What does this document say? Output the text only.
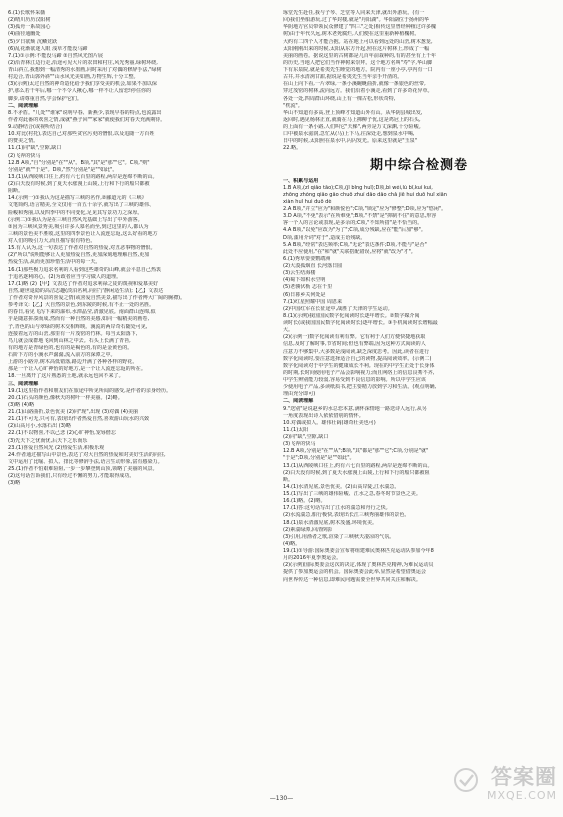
6.(1)长歌怀采薇
(2)晴川历历汉阳树
(3)孤舟一系故园心
(4)曲径通幽处
(5)夕日欲颓 沉鳞竞跃
(6)乱花渐欲迷人眼 浅草才能没马蹄
7.(1)①示例:不能没马蹄 ②自然风光图片展
(2)沿青林江边行走,沿途可见大片的农田和村庄,风光秀丽,绿树环绕,
青山斜立,我想到一幅清秀的水墨画,同时采用了对偶的修辞手法,"绿树
村边合,青山郭外斜""山水风光美如画,万物生辉,十分工整。
(3)(示例)太过自然的神奇造化给予我们享受美的机会,如果不加以保
护,那么若干年后,哪一个不令人揪心,哪一样不让人留恋!停住你的
脚步,请尊重自然,学会保护它们。
二、阅读理解
8.不矛盾。"几处""谁家"说明早春、新燕少,表现早春的特点,也流露出
作者对此番的欢喜之情,成就"燕子回""家家"就使我们对春天充满期待。
9.动静结合(或视听结合)
10.对比(衬托),表达自己对那些贪官污吏的憎恨,以及追随一方百姓
的赞美之情。
11.(1)同"缺",空隙,缺口
(2)飞奔的快马
12.B A项,"自"分别是"在""从"。B项,"其"是"那""它"。C项,"则"
分别是"就""于是"。D项,"然"分别是"是""如此"。
13.(1)从西陵峡口往上,约有六七百里的路程,两岸是连绵不断的山。
(2)白天没有时候,到了夏天水涨漫上山陵,上行和下行的船只都被
阻断。
14.(示例一)①我认为这是描写三峡的名作,②郦道元的《三峡》
文笔简约,语言精美,全文仅用一百五十余字,就写出了三峡的雄伟、
险峻和秀丽,以及四季中的不同变化,足见其写景功力之深厚。
(示例二)①我认为是在三峡自然风光基础上写出了中外游客。
②因为三峡风景秀美,吸引许多人慕名而至,到过这里的人,都认为
三峡的景色美不胜收,这里的四季景色让人流连忘返,这么好看的地方
对人们的吸引力大,而且描写很有特色。
15.有人认为,这一句表达了作者对自然的热爱,对丑恶事物的憎恨。
(2)"所以"说明能够让人更加热爱自然,更加深刻地理解自然,更加
热爱生活,从而更加珍惜生活中的每一天。
16.(1)那些极力追求名利的人看到这些雄奇的山峰,就会平息自己热衷
于追名逐利的心。(2)为政者应当学习做人的道理。
17.(1)略 (2)【甲】文表达了作者对追求利禄之徒的蔑视和爱慕美好
自然,避世退隐的高洁志趣(淡泊名利,向往宁静闲适生活);【乙】文表达
了作者对奇异风景的喜爱之情(或喜爱自然美景,描写出了作者博大广阔的胸襟)。
参考译文:【乙】大自然的景色,到东陵的时候,有不止一处的名胜。
的春日,看见飞泻下来的瀑布,水潭晶莹,清澈见底。南面群山连绵,似
乎是随意拼凑而成,然而有一种自然的美感,如同一幅精美的画卷,
子,青色的山与翠绿的树木交相辉映。溪流的两岸奇石随处可见,
连接着远方的山峦,那里有一片茂密的竹林。每当太阳落下,
鸟儿就会成群地飞回到山林之中去。石头上长满了青苔,
有的地方是青绿色的,也有的是褐色的,有的是金黄色的。
石阶下方的小溪水声潺潺,流入前方的深潭之中。
上游的小路旁,树木高低错落,路边开满了各种各样的野花。
那是一个让人心旷神怡的好地方,是一个让人流连忘返的所在。
18.一旦离开了这片熟悉的土地,就永远也回不来了。
三、阅读理解
19.(1)这里指作者和朋友们在旅途中所见所闻的感受,是作者的亲身经历。
20.(1)石头的颜色,像秋天的树叶一样美丽。(2)略。
(3)略 (4)略
21.(1)山路曲折,景色优美 (2)同"现",出现 (3)对偶 (4)美丽
21.(1)不可无,只可有,表现出作者热爱自然,喜欢游山玩水的兴致
(2)山高月小,水落石出 (3)略
22.(1)不以物喜,不以己悲 (2)心旷神怡,宠辱偕忘
(3)先天下之忧而忧,后天下之乐而乐
23.(1)喜爱自然风光 (2)热爱生活,积极乐观
24.作者通过描写山中景色,表达了对大自然的热爱和对美好生活的向往,
文中运用了比喻、拟人、排比等修辞手法,语言生动形象,富有感染力。
25.(1)作者不怕艰难险阻,一步一步攀登到山顶,领略了美丽的风景。
(2)这句话告诉我们,只有经过不懈的努力,才能取得成功。
(3)略
琢堂先生赴任,我与子琴、芝堂等人同来天津,就出外游玩。(有一
回)我们坐船游玩,过了华封楼,就是"丹阳湖"。华阳湖位于扬州的华
华阴地方官员带领民众修建了"四三"之处(相传这里曾经种植过许多槐
树)由于年代久远,树木老死腐烂,人们便在这里重新种植槐树。
大约有二四个人才能合抱。站在地上可以看到远处的山峦,树木葱茏,
太阳刚刚出来的时候,太阳从东方升起,照在这片树林上,形成了一幅
美丽的画卷。据说这里的古树都是几百年前栽种的,有的甚至有上千年
的历史,当地人把它们当作神树来崇拜。这个地方名叫"寿"字,华山脚
下有东泉院,就是希夷先生睡觉的地方。院内有一座小亭,亭内有一口
古井,井水清冽甘甜,据说是希夷先生当年亲手开凿的。
在山上向下看,一片翠绿,一条小溪蜿蜒曲折,就像一条银色的丝带,
穿过茂密的树林,流向远方。我们沿着小溪走,看到了许多奇花异草。
各处一处,四周群山环绕,山上有一棵古松,形状奇特,
"枕流"。
华山不知道有多高,登上顶峰才知道山外有山。从华阴县城出发,
返回时,遇见杨林正直,就骑在马上拂柳子优,这是鸡冠上的石头,
的上面有一条小路,人们叫它"天梯",两旁是万丈深渊,十分险峻。
口中被泉水滋润,急忙从(马)上下马,往深处走,想到泉水中喝,
日中的时候,太阳照在泉水中,闪闪发光。原来这里就是"玉泉"
22.略。
期中综合检测卷
一、积累与运用
1.B A项,(zǐ qiǎo tāo);C项,(jǐ bǐng huī);D项,bì wéi,lù bī,kuí kuì,
zhōng zhǒng qiǎo gǎo chuō zhuí dāo dǎo chǎ jiē huí duō huī xiān
xiàn huǐ huì duō dè
2.A B项,"并立"应为"和颜悦色";C项,"锁定"应为"修整";D项,应为"悠闲"。
3.D A项,"不免"表示"在所难免";B项,"不禁"是"抑制不住"的意思,形容
客一个人的言论或表现,是多余的;C项,"不知所措"是不恰当的。
4.A B项,"以免"应改为"为了";C项,成分残缺,应在"能"后加"够"。
D项,滥用介词"对于",造成主语残缺。
5.A B项,"经常"表达频率;C项,"无论"表达条件;D项,不能与"是否"
此处不应使用,"在"和"就"关联搭配错误,应将"就"改为"才"。
6.(1)秀草要要鹦鹉洲
(2)大漠孤烟直 长河落日圆
(3)云生结海楼
(4)蜀下如积水空明
(5)老骥伏枥 志在千里
(6)日暮乡关何处是
7.(1)红星照耀中国 周恩来
(2)中国红军在长征途中,战胜了天津的学生运动。
8.(1)(示例)我国国民数字化阅读时长逐年增长。②数字媒介阅
读时长(或我国国民数字化阅读时长)逐年增长。③手机阅读时长增幅最
大。
(2)(示例一)数字化阅读有利有弊。它有利于人们方便快捷地获取
信息,及时了解时事,节省时间;但也有弊端,因为这种方式阅读的人
注意力不够集中,大多数是浅阅读,缺乏深度思考。因此,读者在进行
数字化阅读时,要注意选择适合自己的读物,提高阅读效率。(示例二)
数字化阅读对于中学生的健康成长不利。现在的中学生正处于长身体
的时期,长时间使用电子产品会影响视力;而且网络上的信息良莠不齐,
中学生辨别能力较弱,容易受到不良信息的影响。所以中学生应该
少使用电子产品,多读纸质书,把主要精力放到学习和生活。(观点明确,
理由充分即可)
二、阅读理解
9."送别"是说赵乡的水总恋本意,满怀深情地一路送诗人远行,从另
一角度表现出诗人依依惜别的情怀。
10.对偶或拟人。雄伟壮阔(雄奇壮美也可)
11.(1)太阳
(2)同"缺",空隙,缺口
(3)飞奔的快马
12.B A项,分别是"在""从";B项,"其"都是"那""它";C项,分别是"就"
"于是";D项,分别是"是""如此"。
13.(1)从西陵峡口往上,约有六七百里的路程,两岸是连绵不断的山。
(2)白天没有时候,到了夏天水涨漫上山陵,上行和下行的船只都被阻
断。
14.(1)水清见底,景色优美。(2)山高岸陡,江水湍急。
15.(1)写出了三峡的雄伟险峻、江水之急,春冬时节景色之美。
16.(1)略。(2)略。
17.(1)答:这句话写出了江水的湍急和舟行之快。
(2)水流湍急,船行极快,表现出长江三峡秀丽雄伟的景色。
18.(1)泉水清澈见底,树木茂盛,环境优美。
(2)素湍绿潭,回清倒影
(3)引用,用渔者之歌,渲染了三峡秋天凄凉的气氛。
(4)略。
19.(1)①导游:国际奥委会宣布将组建难民奥林匹克运动队参加今年8
月的2016年夏季奥运会。
(2)(示例)国际奥委会这次的决定,体现了奥林匹克精神,为难民运动员
提供了参加奥运会的机会。国际奥委会此举,显然是希望借奥运会
向世界传达一种信息,即难民问题需要全世界共同关注和解决。
—130—
答案圈
MXQE.COM
